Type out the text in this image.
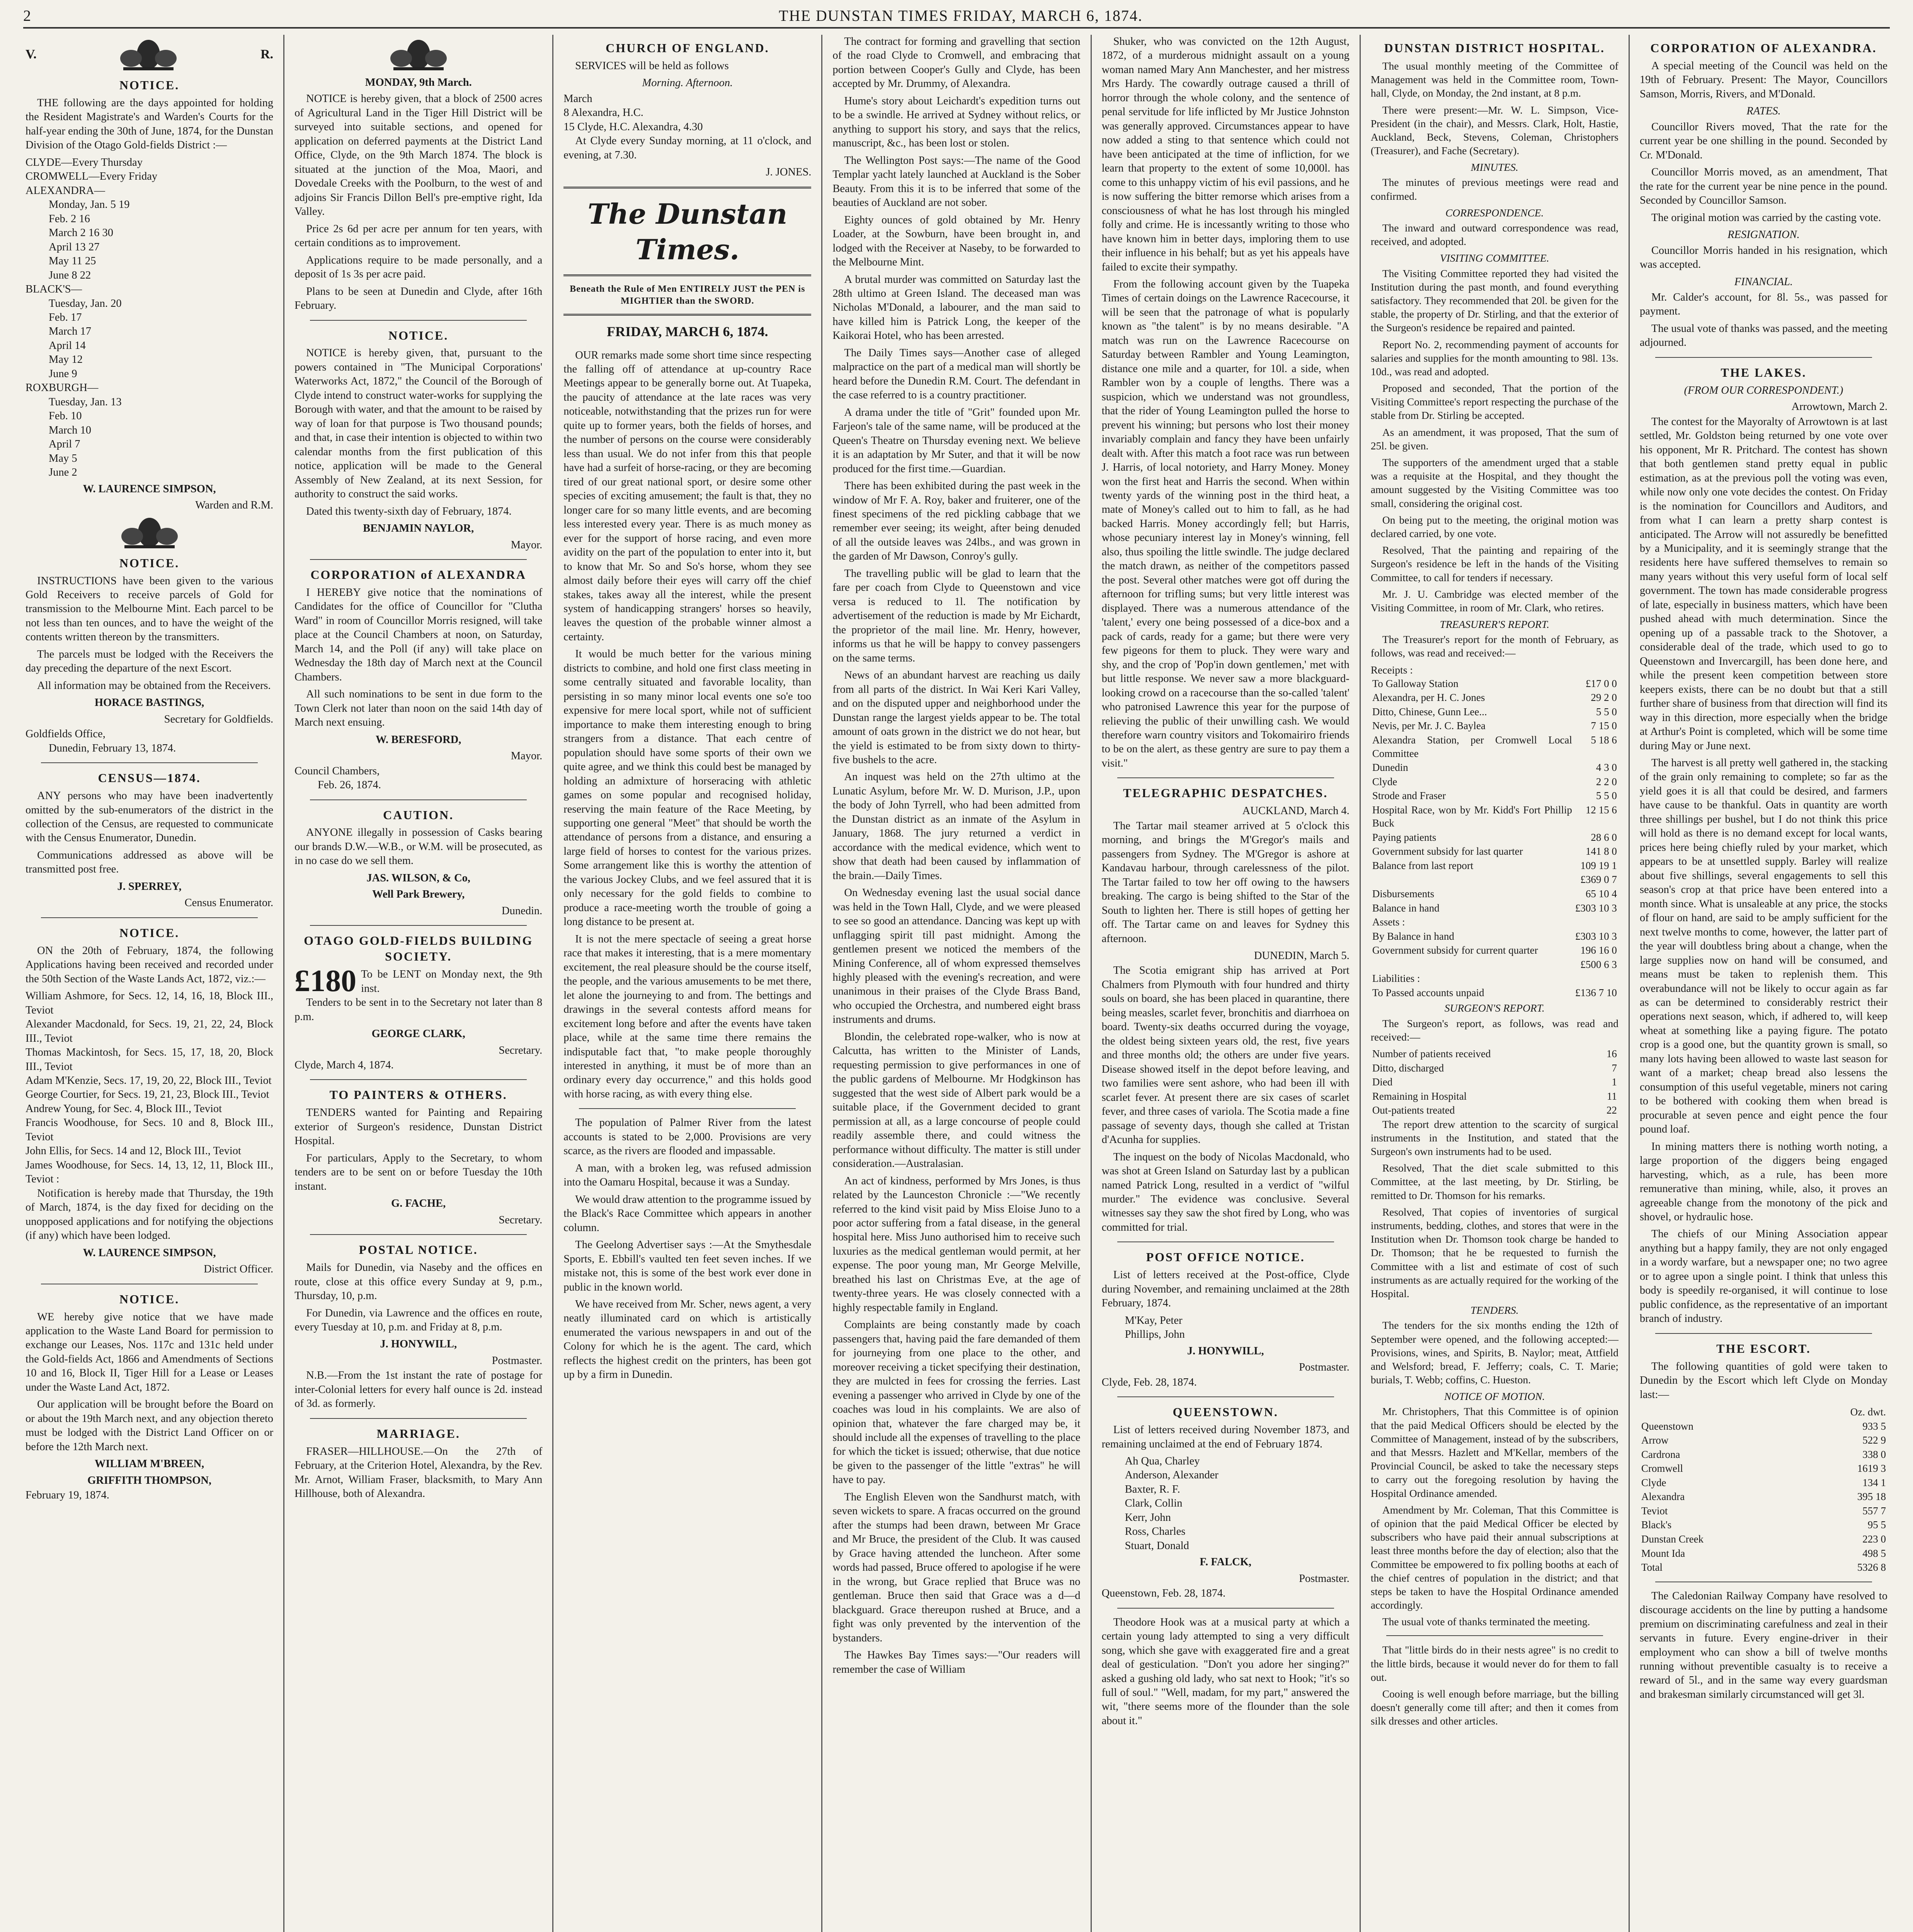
2	THE DUNSTAN TIMES FRIDAY, MARCH 6, 1874.
V.	R.
NOTICE.

THE following are the days appointed for holding the Resident Magistrate's and Warden's Courts for the half-year ending the 30th of June, 1874, for the Dunstan Division of the Otago Gold-fields District :—

CLYDE—Every Thursday
CROMWELL—Every Friday
ALEXANDRA—
Monday, Jan. 5 19
Feb. 2 16
March 2 16 30
April 13 27
May 11 25
June 8 22
BLACK'S—
Tuesday, Jan. 20
Feb. 17
March 17
April 14
May 12
June 9
ROXBURGH—
Tuesday, Jan. 13
Feb. 10
March 10
April 7
May 5
June 2
W. LAURENCE SIMPSON,
Warden and R.M.
NOTICE.

INSTRUCTIONS have been given to the various Gold Receivers to receive parcels of Gold for transmission to the Melbourne Mint. Each parcel to be not less than ten ounces, and to have the weight of the contents written thereon by the transmitters.

The parcels must be lodged with the Receivers the day preceding the departure of the next Escort.

All information may be obtained from the Receivers.

HORACE BASTINGS,
Secretary for Goldfields.
Goldfields Office,
Dunedin, February 13, 1874.
CENSUS—1874.

ANY persons who may have been inadvertently omitted by the sub-enumerators of the district in the collection of the Census, are requested to communicate with the Census Enumerator, Dunedin.

Communications addressed as above will be transmitted post free.

J. SPERREY,
Census Enumerator.
NOTICE.

ON the 20th of February, 1874, the following Applications having been received and recorded under the 50th Section of the Waste Lands Act, 1872, viz.:—

William Ashmore, for Secs. 12, 14, 16, 18, Block III., Teviot
Alexander Macdonald, for Secs. 19, 21, 22, 24, Block III., Teviot
Thomas Mackintosh, for Secs. 15, 17, 18, 20, Block III., Teviot
Adam M'Kenzie, Secs. 17, 19, 20, 22, Block III., Teviot
George Courtier, for Secs. 19, 21, 23, Block III., Teviot
Andrew Young, for Sec. 4, Block III., Teviot
Francis Woodhouse, for Secs. 10 and 8, Block III., Teviot
John Ellis, for Secs. 14 and 12, Block III., Teviot
James Woodhouse, for Secs. 14, 13, 12, 11, Block III., Teviot :

Notification is hereby made that Thursday, the 19th of March, 1874, is the day fixed for deciding on the unopposed applications and for notifying the objections (if any) which have been lodged.

W. LAURENCE SIMPSON,
District Officer.
NOTICE.

WE hereby give notice that we have made application to the Waste Land Board for permission to exchange our Leases, Nos. 117c and 131c held under the Gold-fields Act, 1866 and Amendments of Sections 10 and 16, Block II, Tiger Hill for a Lease or Leases under the Waste Land Act, 1872.

Our application will be brought before the Board on or about the 19th March next, and any objection thereto must be lodged with the District Land Officer on or before the 12th March next.

WILLIAM M'BREEN,
GRIFFITH THOMPSON,
February 19, 1874.
MONDAY, 9th March.

NOTICE is hereby given, that a block of 2500 acres of Agricultural Land in the Tiger Hill District will be surveyed into suitable sections, and opened for application on deferred payments at the District Land Office, Clyde, on the 9th March 1874. The block is situated at the junction of the Moa, Maori, and Dovedale Creeks with the Poolburn, to the west of and adjoins Sir Francis Dillon Bell's pre-emptive right, Ida Valley.

Price 2s 6d per acre per annum for ten years, with certain conditions as to improvement.

Applications require to be made personally, and a deposit of 1s 3s per acre paid.

Plans to be seen at Dunedin and Clyde, after 16th February.

NOTICE.

NOTICE is hereby given, that, pursuant to the powers contained in "The Municipal Corporations' Waterworks Act, 1872," the Council of the Borough of Clyde intend to construct water-works for supplying the Borough with water, and that the amount to be raised by way of loan for that purpose is Two thousand pounds; and that, in case their intention is objected to within two calendar months from the first publication of this notice, application will be made to the General Assembly of New Zealand, at its next Session, for authority to construct the said works.

Dated this twenty-sixth day of February, 1874.

BENJAMIN NAYLOR,
Mayor.
CORPORATION of ALEXANDRA

I HEREBY give notice that the nominations of Candidates for the office of Councillor for "Clutha Ward" in room of Councillor Morris resigned, will take place at the Council Chambers at noon, on Saturday, March 14, and the Poll (if any) will take place on Wednesday the 18th day of March next at the Council Chambers.

All such nominations to be sent in due form to the Town Clerk not later than noon on the said 14th day of March next ensuing.

W. BERESFORD,
Mayor.
Council Chambers,
Feb. 26, 1874.
CAUTION.

ANYONE illegally in possession of Casks bearing our brands D.W.—W.B., or W.M. will be prosecuted, as in no case do we sell them.

JAS. WILSON, & Co,
Well Park Brewery,
Dunedin.
OTAGO GOLD-FIELDS BUILDING SOCIETY.
£180 To be LENT on Monday next, the 9th inst.

Tenders to be sent in to the Secretary not later than 8 p.m.

GEORGE CLARK,
Secretary.
Clyde, March 4, 1874.
TO PAINTERS & OTHERS.

TENDERS wanted for Painting and Repairing exterior of Surgeon's residence, Dunstan District Hospital.

For particulars, Apply to the Secretary, to whom tenders are to be sent on or before Tuesday the 10th instant.

G. FACHE,
Secretary.
POSTAL NOTICE.

Mails for Dunedin, via Naseby and the offices en route, close at this office every Sunday at 9, p.m., Thursday, 10, p.m.

For Dunedin, via Lawrence and the offices en route, every Tuesday at 10, p.m. and Friday at 8, p.m.

J. HONYWILL,
Postmaster.

N.B.—From the 1st instant the rate of postage for inter-Colonial letters for every half ounce is 2d. instead of 3d. as formerly.

MARRIAGE.

FRASER—HILLHOUSE.—On the 27th of February, at the Criterion Hotel, Alexandra, by the Rev. Mr. Arnot, William Fraser, blacksmith, to Mary Ann Hillhouse, both of Alexandra.

CHURCH OF ENGLAND.

SERVICES will be held as follows

Morning. Afternoon.
March
8 Alexandra, H.C.
15 Clyde, H.C. Alexandra, 4.30

At Clyde every Sunday morning, at 11 o'clock, and evening, at 7.30.

J. JONES.
The Dunstan Times.
Beneath the Rule of Men ENTIRELY JUST the PEN is MIGHTIER than the SWORD.
FRIDAY, MARCH 6, 1874.

OUR remarks made some short time since respecting the falling off of attendance at up-country Race Meetings appear to be generally borne out. At Tuapeka, the paucity of attendance at the late races was very noticeable, notwithstanding that the prizes run for were quite up to former years, both the fields of horses, and the number of persons on the course were considerably less than usual. We do not infer from this that people have had a surfeit of horse-racing, or they are becoming tired of our great national sport, or desire some other species of exciting amusement; the fault is that, they no longer care for so many little events, and are becoming less interested every year. There is as much money as ever for the support of horse racing, and even more avidity on the part of the population to enter into it, but to know that Mr. So and So's horse, whom they see almost daily before their eyes will carry off the chief stakes, takes away all the interest, while the present system of handicapping strangers' horses so heavily, leaves the question of the probable winner almost a certainty.

It would be much better for the various mining districts to combine, and hold one first class meeting in some centrally situated and favorable locality, than persisting in so many minor local events one so'e too expensive for mere local sport, while not of sufficient importance to make them interesting enough to bring strangers from a distance. That each centre of population should have some sports of their own we quite agree, and we think this could best be managed by holding an admixture of horseracing with athletic games on some popular and recognised holiday, reserving the main feature of the Race Meeting, by supporting one general "Meet" that should be worth the attendance of persons from a distance, and ensuring a large field of horses to contest for the various prizes. Some arrangement like this is worthy the attention of the various Jockey Clubs, and we feel assured that it is only necessary for the gold fields to combine to produce a race-meeting worth the trouble of going a long distance to be present at.

It is not the mere spectacle of seeing a great horse race that makes it interesting, that is a mere momentary excitement, the real pleasure should be the course itself, the people, and the various amusements to be met there, let alone the journeying to and from. The bettings and drawings in the several contests afford means for excitement long before and after the events have taken place, while at the same time there remains the indisputable fact that, "to make people thoroughly interested in anything, it must be of more than an ordinary every day occurrence," and this holds good with horse racing, as with every thing else.

The population of Palmer River from the latest accounts is stated to be 2,000. Provisions are very scarce, as the rivers are flooded and impassable.

A man, with a broken leg, was refused admission into the Oamaru Hospital, because it was a Sunday.

We would draw attention to the programme issued by the Black's Race Committee which appears in another column.

The Geelong Advertiser says :—At the Smythesdale Sports, E. Ebbill's vaulted ten feet seven inches. If we mistake not, this is some of the best work ever done in public in the known world.

We have received from Mr. Scher, news agent, a very neatly illuminated card on which is artistically enumerated the various newspapers in and out of the Colony for which he is the agent. The card, which reflects the highest credit on the printers, has been got up by a firm in Dunedin.

The contract for forming and gravelling that section of the road Clyde to Cromwell, and embracing that portion between Cooper's Gully and Clyde, has been accepted by Mr. Drummy, of Alexandra.

Hume's story about Leichardt's expedition turns out to be a swindle. He arrived at Sydney without relics, or anything to support his story, and says that the relics, manuscript, &c., has been lost or stolen.

The Wellington Post says:—The name of the Good Templar yacht lately launched at Auckland is the Sober Beauty. From this it is to be inferred that some of the beauties of Auckland are not sober.

Eighty ounces of gold obtained by Mr. Henry Loader, at the Sowburn, have been brought in, and lodged with the Receiver at Naseby, to be forwarded to the Melbourne Mint.

A brutal murder was committed on Saturday last the 28th ultimo at Green Island. The deceased man was Nicholas M'Donald, a labourer, and the man said to have killed him is Patrick Long, the keeper of the Kaikorai Hotel, who has been arrested.

The Daily Times says—Another case of alleged malpractice on the part of a medical man will shortly be heard before the Dunedin R.M. Court. The defendant in the case referred to is a country practitioner.

A drama under the title of "Grit" founded upon Mr. Farjeon's tale of the same name, will be produced at the Queen's Theatre on Thursday evening next. We believe it is an adaptation by Mr Suter, and that it will be now produced for the first time.—Guardian.

There has been exhibited during the past week in the window of Mr F. A. Roy, baker and fruiterer, one of the finest specimens of the red pickling cabbage that we remember ever seeing; its weight, after being denuded of all the outside leaves was 24lbs., and was grown in the garden of Mr Dawson, Conroy's gully.

The travelling public will be glad to learn that the fare per coach from Clyde to Queenstown and vice versa is reduced to 1l. The notification by advertisement of the reduction is made by Mr Eichardt, the proprietor of the mail line. Mr. Henry, however, informs us that he will be happy to convey passengers on the same terms.

News of an abundant harvest are reaching us daily from all parts of the district. In Wai Keri Kari Valley, and on the disputed upper and neighborhood under the Dunstan range the largest yields appear to be. The total amount of oats grown in the district we do not hear, but the yield is estimated to be from sixty down to thirty-five bushels to the acre.

An inquest was held on the 27th ultimo at the Lunatic Asylum, before Mr. W. D. Murison, J.P., upon the body of John Tyrrell, who had been admitted from the Dunstan district as an inmate of the Asylum in January, 1868. The jury returned a verdict in accordance with the medical evidence, which went to show that death had been caused by inflammation of the brain.—Daily Times.

On Wednesday evening last the usual social dance was held in the Town Hall, Clyde, and we were pleased to see so good an attendance. Dancing was kept up with unflagging spirit till past midnight. Among the gentlemen present we noticed the members of the Mining Conference, all of whom expressed themselves highly pleased with the evening's recreation, and were unanimous in their praises of the Clyde Brass Band, who occupied the Orchestra, and numbered eight brass instruments and drums.

Blondin, the celebrated rope-walker, who is now at Calcutta, has written to the Minister of Lands, requesting permission to give performances in one of the public gardens of Melbourne. Mr Hodgkinson has suggested that the west side of Albert park would be a suitable place, if the Government decided to grant permission at all, as a large concourse of people could readily assemble there, and could witness the performance without difficulty. The matter is still under consideration.—Australasian.

An act of kindness, performed by Mrs Jones, is thus related by the Launceston Chronicle :—"We recently referred to the kind visit paid by Miss Eloise Juno to a poor actor suffering from a fatal disease, in the general hospital here. Miss Juno authorised him to receive such luxuries as the medical gentleman would permit, at her expense. The poor young man, Mr George Melville, breathed his last on Christmas Eve, at the age of twenty-three years. He was closely connected with a highly respectable family in England.

Complaints are being constantly made by coach passengers that, having paid the fare demanded of them for journeying from one place to the other, and moreover receiving a ticket specifying their destination, they are mulcted in fees for crossing the ferries. Last evening a passenger who arrived in Clyde by one of the coaches was loud in his complaints. We are also of opinion that, whatever the fare charged may be, it should include all the expenses of travelling to the place for which the ticket is issued; otherwise, that due notice be given to the passenger of the little "extras" he will have to pay.

The English Eleven won the Sandhurst match, with seven wickets to spare. A fracas occurred on the ground after the stumps had been drawn, between Mr Grace and Mr Bruce, the president of the Club. It was caused by Grace having attended the luncheon. After some words had passed, Bruce offered to apologise if he were in the wrong, but Grace replied that Bruce was no gentleman. Bruce then said that Grace was a d—d blackguard. Grace thereupon rushed at Bruce, and a fight was only prevented by the intervention of the bystanders.

The Hawkes Bay Times says:—"Our readers will remember the case of William

Shuker, who was convicted on the 12th August, 1872, of a murderous midnight assault on a young woman named Mary Ann Manchester, and her mistress Mrs Hardy. The cowardly outrage caused a thrill of horror through the whole colony, and the sentence of penal servitude for life inflicted by Mr Justice Johnston was generally approved. Circumstances appear to have now added a sting to that sentence which could not have been anticipated at the time of infliction, for we learn that property to the extent of some 10,000l. has come to this unhappy victim of his evil passions, and he is now suffering the bitter remorse which arises from a consciousness of what he has lost through his mingled folly and crime. He is incessantly writing to those who have known him in better days, imploring them to use their influence in his behalf; but as yet his appeals have failed to excite their sympathy.

From the following account given by the Tuapeka Times of certain doings on the Lawrence Racecourse, it will be seen that the patronage of what is popularly known as "the talent" is by no means desirable. "A match was run on the Lawrence Racecourse on Saturday between Rambler and Young Leamington, distance one mile and a quarter, for 10l. a side, when Rambler won by a couple of lengths. There was a suspicion, which we understand was not groundless, that the rider of Young Leamington pulled the horse to prevent his winning; but persons who lost their money invariably complain and fancy they have been unfairly dealt with. After this match a foot race was run between J. Harris, of local notoriety, and Harry Money. Money won the first heat and Harris the second. When within twenty yards of the winning post in the third heat, a mate of Money's called out to him to fall, as he had backed Harris. Money accordingly fell; but Harris, whose pecuniary interest lay in Money's winning, fell also, thus spoiling the little swindle. The judge declared the match drawn, as neither of the competitors passed the post. Several other matches were got off during the afternoon for trifling sums; but very little interest was displayed. There was a numerous attendance of the 'talent,' every one being possessed of a dice-box and a pack of cards, ready for a game; but there were very few pigeons for them to pluck. They were wary and shy, and the crop of 'Pop'in down gentlemen,' met with but little response. We never saw a more blackguard-looking crowd on a racecourse than the so-called 'talent' who patronised Lawrence this year for the purpose of relieving the public of their unwilling cash. We would therefore warn country visitors and Tokomairiro friends to be on the alert, as these gentry are sure to pay them a visit."

TELEGRAPHIC DESPATCHES.
AUCKLAND, March 4.

The Tartar mail steamer arrived at 5 o'clock this morning, and brings the M'Gregor's mails and passengers from Sydney. The M'Gregor is ashore at Kandavau harbour, through carelessness of the pilot. The Tartar failed to tow her off owing to the hawsers breaking. The cargo is being shifted to the Star of the South to lighten her. There is still hopes of getting her off. The Tartar came on and leaves for Sydney this afternoon.

DUNEDIN, March 5.

The Scotia emigrant ship has arrived at Port Chalmers from Plymouth with four hundred and thirty souls on board, she has been placed in quarantine, there being measles, scarlet fever, bronchitis and diarrhoea on board. Twenty-six deaths occurred during the voyage, the oldest being sixteen years old, the rest, five years and three months old; the others are under five years. Disease showed itself in the depot before leaving, and two families were sent ashore, who had been ill with scarlet fever. At present there are six cases of scarlet fever, and three cases of variola. The Scotia made a fine passage of seventy days, though she called at Tristan d'Acunha for supplies.

The inquest on the body of Nicolas Macdonald, who was shot at Green Island on Saturday last by a publican named Patrick Long, resulted in a verdict of "wilful murder." The evidence was conclusive. Several witnesses say they saw the shot fired by Long, who was committed for trial.

POST OFFICE NOTICE.

List of letters received at the Post-office, Clyde during November, and remaining unclaimed at the 28th February, 1874.

M'Kay, Peter
Phillips, John
J. HONYWILL,
Postmaster.
Clyde, Feb. 28, 1874.
QUEENSTOWN.

List of letters received during November 1873, and remaining unclaimed at the end of February 1874.

Ah Qua, Charley
Anderson, Alexander
Baxter, R. F.
Clark, Collin
Kerr, John
Ross, Charles
Stuart, Donald
F. FALCK,
Postmaster.
Queenstown, Feb. 28, 1874.

Theodore Hook was at a musical party at which a certain young lady attempted to sing a very difficult song, which she gave with exaggerated fire and a great deal of gesticulation. "Don't you adore her singing?" asked a gushing old lady, who sat next to Hook; "it's so full of soul." "Well, madam, for my part," answered the wit, "there seems more of the flounder than the sole about it."

DUNSTAN DISTRICT HOSPITAL.

The usual monthly meeting of the Committee of Management was held in the Committee room, Town-hall, Clyde, on Monday, the 2nd instant, at 8 p.m.

There were present:—Mr. W. L. Simpson, Vice-President (in the chair), and Messrs. Clark, Holt, Hastie, Auckland, Beck, Stevens, Coleman, Christophers (Treasurer), and Fache (Secretary).

MINUTES.

The minutes of previous meetings were read and confirmed.

CORRESPONDENCE.

The inward and outward correspondence was read, received, and adopted.

VISITING COMMITTEE.

The Visiting Committee reported they had visited the Institution during the past month, and found everything satisfactory. They recommended that 20l. be given for the stable, the property of Dr. Stirling, and that the exterior of the Surgeon's residence be repaired and painted.

Report No. 2, recommending payment of accounts for salaries and supplies for the month amounting to 98l. 13s. 10d., was read and adopted.

Proposed and seconded, That the portion of the Visiting Committee's report respecting the purchase of the stable from Dr. Stirling be accepted.

As an amendment, it was proposed, That the sum of 25l. be given.

The supporters of the amendment urged that a stable was a requisite at the Hospital, and they thought the amount suggested by the Visiting Committee was too small, considering the original cost.

On being put to the meeting, the original motion was declared carried, by one vote.

Resolved, That the painting and repairing of the Surgeon's residence be left in the hands of the Visiting Committee, to call for tenders if necessary.

Mr. J. U. Cambridge was elected member of the Visiting Committee, in room of Mr. Clark, who retires.

TREASURER'S REPORT.

The Treasurer's report for the month of February, as follows, was read and received:—

Receipts :
To Galloway Station	£17 0 0
Alexandra, per H. C. Jones	29 2 0
Ditto, Chinese, Gunn Lee...	5 5 0
Nevis, per Mr. J. C. Baylea	7 15 0
Alexandra Station, per Cromwell Local Committee	5 18 6
Dunedin	4 3 0
Clyde	2 2 0
Strode and Fraser	5 5 0
Hospital Race, won by Mr. Kidd's Fort Phillip Buck	12 15 6
Paying patients	28 6 0
Government subsidy for last quarter	141 8 0
Balance from last report	109 19 1
	£369 0 7
Disbursements	65 10 4
Balance in hand	£303 10 3
Assets :	
By Balance in hand	£303 10 3
Government subsidy for current quarter	196 16 0
	£500 6 3
Liabilities :	
To Passed accounts unpaid	£136 7 10
SURGEON'S REPORT.

The Surgeon's report, as follows, was read and received:—

Number of patients received	16
Ditto, discharged	7
Died	1
Remaining in Hospital	11
Out-patients treated	22

The report drew attention to the scarcity of surgical instruments in the Institution, and stated that the Surgeon's own instruments had to be used.

Resolved, That the diet scale submitted to this Committee, at the last meeting, by Dr. Stirling, be remitted to Dr. Thomson for his remarks.

Resolved, That copies of inventories of surgical instruments, bedding, clothes, and stores that were in the Institution when Dr. Thomson took charge be handed to Dr. Thomson; that he be requested to furnish the Committee with a list and estimate of cost of such instruments as are actually required for the working of the Hospital.

TENDERS.

The tenders for the six months ending the 12th of September were opened, and the following accepted:—Provisions, wines, and Spirits, B. Naylor; meat, Attfield and Welsford; bread, F. Jefferry; coals, C. T. Marie; burials, T. Webb; coffins, C. Hueston.

NOTICE OF MOTION.

Mr. Christophers, That this Committee is of opinion that the paid Medical Officers should be elected by the Committee of Management, instead of by the subscribers, and that Messrs. Hazlett and M'Kellar, members of the Provincial Council, be asked to take the necessary steps to carry out the foregoing resolution by having the Hospital Ordinance amended.

Amendment by Mr. Coleman, That this Committee is of opinion that the paid Medical Officer be elected by subscribers who have paid their annual subscriptions at least three months before the day of election; also that the Committee be empowered to fix polling booths at each of the chief centres of population in the district; and that steps be taken to have the Hospital Ordinance amended accordingly.

The usual vote of thanks terminated the meeting.

That "little birds do in their nests agree" is no credit to the little birds, because it would never do for them to fall out.

Cooing is well enough before marriage, but the billing doesn't generally come till after; and then it comes from silk dresses and other articles.

CORPORATION OF ALEXANDRA.

A special meeting of the Council was held on the 19th of February. Present: The Mayor, Councillors Samson, Morris, Rivers, and M'Donald.

RATES.

Councillor Rivers moved, That the rate for the current year be one shilling in the pound. Seconded by Cr. M'Donald.

Councillor Morris moved, as an amendment, That the rate for the current year be nine pence in the pound. Seconded by Councillor Samson.

The original motion was carried by the casting vote.

RESIGNATION.

Councillor Morris handed in his resignation, which was accepted.

FINANCIAL.

Mr. Calder's account, for 8l. 5s., was passed for payment.

The usual vote of thanks was passed, and the meeting adjourned.

THE LAKES.
(FROM OUR CORRESPONDENT.)
Arrowtown, March 2.

The contest for the Mayoralty of Arrowtown is at last settled, Mr. Goldston being returned by one vote over his opponent, Mr R. Pritchard. The contest has shown that both gentlemen stand pretty equal in public estimation, as at the previous poll the voting was even, while now only one vote decides the contest. On Friday is the nomination for Councillors and Auditors, and from what I can learn a pretty sharp contest is anticipated. The Arrow will not assuredly be benefitted by a Municipality, and it is seemingly strange that the residents here have suffered themselves to remain so many years without this very useful form of local self government. The town has made considerable progress of late, especially in business matters, which have been pushed ahead with much determination. Since the opening up of a passable track to the Shotover, a considerable deal of the trade, which used to go to Queenstown and Invercargill, has been done here, and while the present keen competition between store keepers exists, there can be no doubt but that a still further share of business from that direction will find its way in this direction, more especially when the bridge at Arthur's Point is completed, which will be some time during May or June next.

The harvest is all pretty well gathered in, the stacking of the grain only remaining to complete; so far as the yield goes it is all that could be desired, and farmers have cause to be thankful. Oats in quantity are worth three shillings per bushel, but I do not think this price will hold as there is no demand except for local wants, prices here being chiefly ruled by your market, which appears to be at unsettled supply. Barley will realize about five shillings, several engagements to sell this season's crop at that price have been entered into a month since. What is unsaleable at any price, the stocks of flour on hand, are said to be amply sufficient for the next twelve months to come, however, the latter part of the year will doubtless bring about a change, when the large supplies now on hand will be consumed, and means must be taken to replenish them. This overabundance will not be likely to occur again as far as can be determined to considerably restrict their operations next season, which, if adhered to, will keep wheat at something like a paying figure. The potato crop is a good one, but the quantity grown is small, so many lots having been allowed to waste last season for want of a market; cheap bread also lessens the consumption of this useful vegetable, miners not caring to be bothered with cooking them when bread is procurable at seven pence and eight pence the four pound loaf.

In mining matters there is nothing worth noting, a large proportion of the diggers being engaged harvesting, which, as a rule, has been more remunerative than mining, while, also, it proves an agreeable change from the monotony of the pick and shovel, or hydraulic hose.

The chiefs of our Mining Association appear anything but a happy family, they are not only engaged in a wordy warfare, but a newspaper one; no two agree or to agree upon a single point. I think that unless this body is speedily re-organised, it will continue to lose public confidence, as the representative of an important branch of industry.

THE ESCORT.

The following quantities of gold were taken to Dunedin by the Escort which left Clyde on Monday last:—

	Oz. dwt.
Queenstown	933 5
Arrow	522 9
Cardrona	338 0
Cromwell	1619 3
Clyde	134 1
Alexandra	395 18
Teviot	557 7
Black's	95 5
Dunstan Creek	223 0
Mount Ida	498 5
Total	5326 8

The Caledonian Railway Company have resolved to discourage accidents on the line by putting a handsome premium on discriminating carefulness and zeal in their servants in future. Every engine-driver in their employment who can show a bill of twelve months running without preventible casualty is to receive a reward of 5l., and in the same way every guardsman and brakesman similarly circumstanced will get 3l.
